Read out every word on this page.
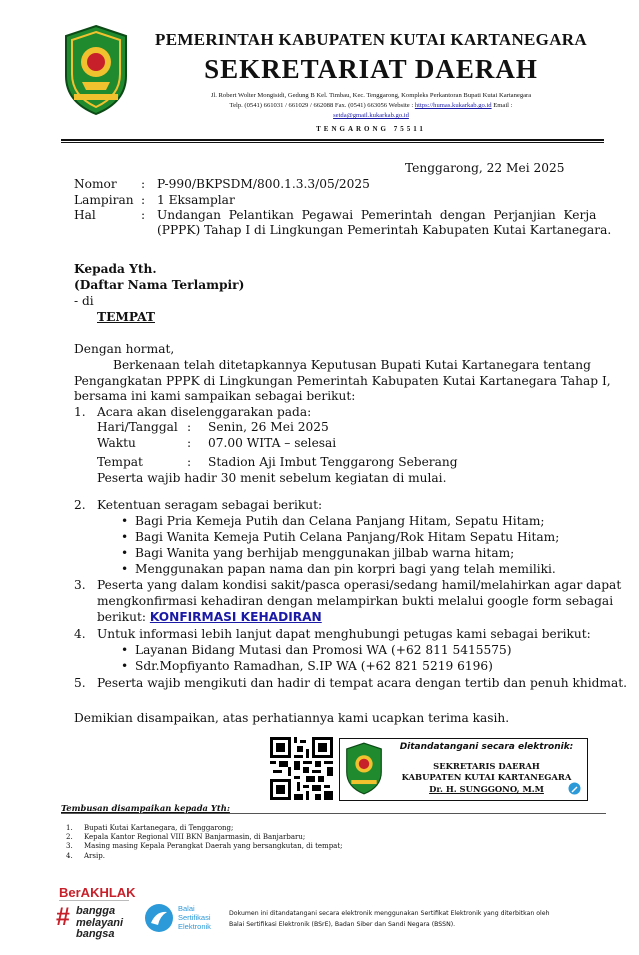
PEMERINTAH KABUPATEN KUTAI KARTANEGARA
SEKRETARIAT DAERAH
Jl. Robert Wolter Mongisidi, Gedung B Kel. Timbau, Kec. Tenggarong, Kompleks Perkantoran Bupati Kutai Kartanegara
Telp. (0541) 661031 / 661029 / 662088 Fax. (0541) 663056 Website : https://humas.kukarkab.go.id Email :
setda@gmail.kukarkab.go.id
TENGARONG 75511
Tenggarong, 22 Mei 2025
Nomor : P-990/BKPSDM/800.1.3.3/05/2025
Lampiran : 1 Eksamplar
Hal	: Undangan  Pelantikan  Pegawai  Pemerintah  dengan  Perjanjian  Kerja
(PPPK) Tahap I di Lingkungan Pemerintah Kabupaten Kutai Kartanegara.
Kepada Yth.
(Daftar Nama Terlampir)
- di
TEMPAT
Dengan hormat,
Berkenaan telah ditetapkannya Keputusan Bupati Kutai Kartanegara tentang
Pengangkatan PPPK di Lingkungan Pemerintah Kabupaten Kutai Kartanegara Tahap I,
bersama ini kami sampaikan sebagai berikut:
1. Acara akan diselenggarakan pada:
Hari/Tanggal : Senin, 26 Mei 2025
Waktu	: 07.00 WITA – selesai
Tempat	: Stadion Aji Imbut Tenggarong Seberang
Peserta wajib hadir 30 menit sebelum kegiatan di mulai.
2. Ketentuan seragam sebagai berikut:
• Bagi Pria Kemeja Putih dan Celana Panjang Hitam, Sepatu Hitam;
• Bagi Wanita Kemeja Putih Celana Panjang/Rok Hitam Sepatu Hitam;
• Bagi Wanita yang berhijab menggunakan jilbab warna hitam;
• Menggunakan papan nama dan pin korpri bagi yang telah memiliki.
3. Peserta yang dalam kondisi sakit/pasca operasi/sedang hamil/melahirkan agar dapat
mengkonfirmasi kehadiran dengan melampirkan bukti melalui google form sebagai
berikut: KONFIRMASI KEHADIRAN
4. Untuk informasi lebih lanjut dapat menghubungi petugas kami sebagai berikut:
• Layanan Bidang Mutasi dan Promosi WA (+62 811 5415575)
• Sdr.Mopfiyanto Ramadhan, S.IP WA (+62 821 5219 6196)
5. Peserta wajib mengikuti dan hadir di tempat acara dengan tertib dan penuh khidmat.
Demikian disampaikan, atas perhatiannya kami ucapkan terima kasih.
Ditandatangani secara elektronik:
SEKRETARIS DAERAH
KABUPATEN KUTAI KARTANEGARA
Dr. H. SUNGGONO, M.M
Tembusan disampaikan kepada Yth:
1. Bupati Kutai Kartanegara, di Tenggarong;
2. Kepala Kantor Regional VIII BKN Banjarmasin, di Banjarbaru;
3. Masing masing Kepala Perangkat Daerah yang bersangkutan, di tempat;
4. Arsip.
BerAKHLAK
# bangga
melayani
bangsa
Balai
Sertifikasi
Elektronik
Dokumen ini ditandatangani secara elektronik menggunakan Sertifikat Elektronik yang diterbitkan oleh
Balai Sertifikasi Elektronik (BSrE), Badan Siber dan Sandi Negara (BSSN).
